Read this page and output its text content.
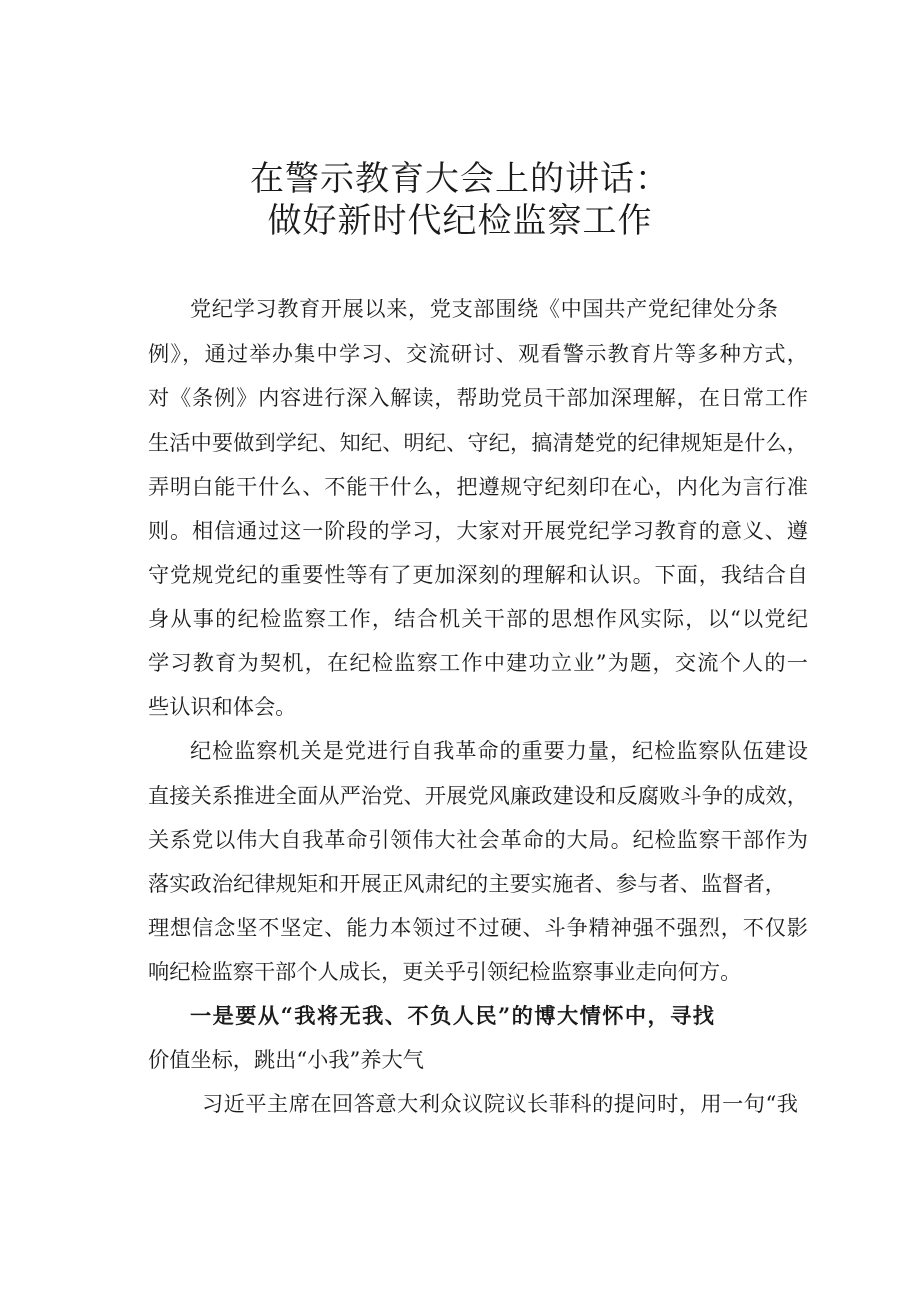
在警示教育大会上的讲话：
做好新时代纪检监察工作

党纪学习教育开展以来，党支部围绕《中国共产党纪律处分条

例》，通过举办集中学习、交流研讨、观看警示教育片等多种方式，

对《条例》内容进行深入解读，帮助党员干部加深理解，在日常工作

生活中要做到学纪、知纪、明纪、守纪，搞清楚党的纪律规矩是什么，

弄明白能干什么、不能干什么，把遵规守纪刻印在心，内化为言行准

则。相信通过这一阶段的学习，大家对开展党纪学习教育的意义、遵

守党规党纪的重要性等有了更加深刻的理解和认识。下面，我结合自

身从事的纪检监察工作，结合机关干部的思想作风实际，以“以党纪

学习教育为契机，在纪检监察工作中建功立业”为题，交流个人的一

些认识和体会。

纪检监察机关是党进行自我革命的重要力量，纪检监察队伍建设

直接关系推进全面从严治党、开展党风廉政建设和反腐败斗争的成效，

关系党以伟大自我革命引领伟大社会革命的大局。纪检监察干部作为

落实政治纪律规矩和开展正风肃纪的主要实施者、参与者、监督者，

理想信念坚不坚定、能力本领过不过硬、斗争精神强不强烈，不仅影

响纪检监察干部个人成长，更关乎引领纪检监察事业走向何方。

一是要从“我将无我、不负人民”的博大情怀中，寻找

价值坐标，跳出“小我”养大气

习近平主席在回答意大利众议院议长菲科的提问时，用一句“我
